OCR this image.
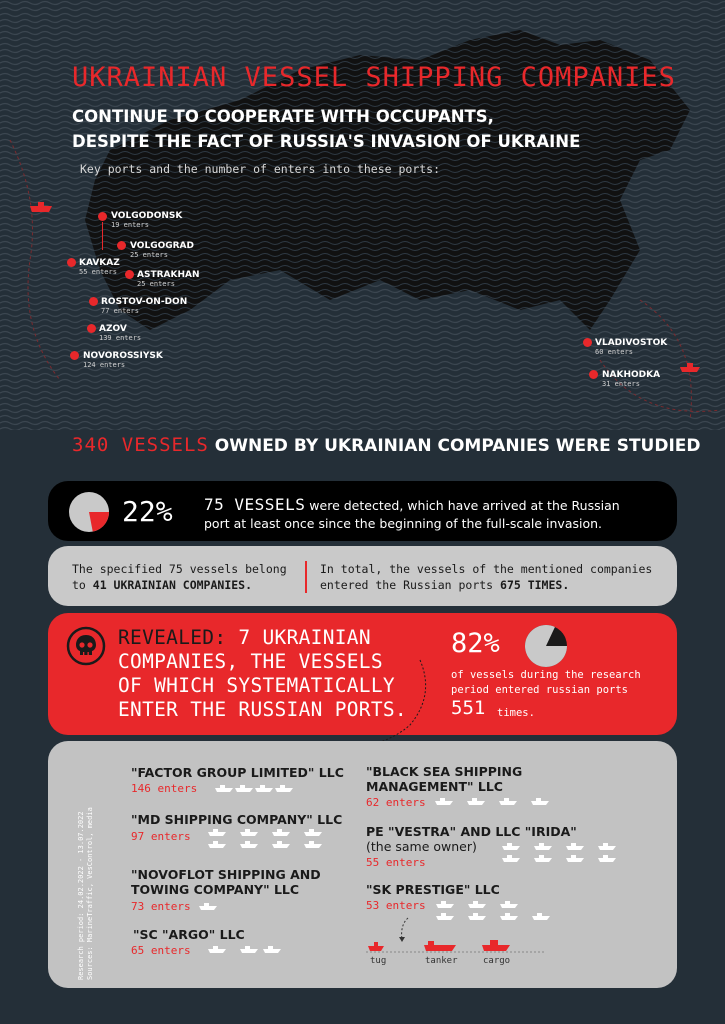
UKRAINIAN VESSEL SHIPPING COMPANIES
CONTINUE TO COOPERATE WITH OCCUPANTS,
DESPITE THE FACT OF RUSSIA'S INVASION OF UKRAINE
Key ports and the number of enters into these ports:
VOLGODONSK
19 enters
VOLGOGRAD
25 enters
KAVKAZ
55 enters	ASTRAKHAN
25 enters
ROSTOV-ON-DON
77 enters
AZOV
139 enters
NOVOROSSIYSK
124 enters
VLADIVOSTOK
60 enters
NAKHODKA
31 enters
340 VESSELS OWNED BY UKRAINIAN COMPANIES WERE STUDIED
22% 75 VESSELS were detected, which have arrived at the Russian
port at least once since the beginning of the full-scale invasion.
The specified 75 vessels belong
to 41 UKRAINIAN COMPANIES.
In total, the vessels of the mentioned companies
entered the Russian ports 675 TIMES.
REVEALED: 7 UKRAINIAN
COMPANIES, THE VESSELS
OF WHICH SYSTEMATICALLY
ENTER THE RUSSIAN PORTS.
82%
of vessels during the research
period entered russian ports
551 times.
Research period: 24.02.2022 - 13.07.2022 Sources: MarineTraffic, VesControl, media
"FACTOR GROUP LIMITED" LLC
146 enters
"MD SHIPPING COMPANY" LLC
97 enters
"NOVOFLOT SHIPPING AND
TOWING COMPANY" LLC
73 enters
"SC "ARGO" LLC
65 enters
"BLACK SEA SHIPPING
MANAGEMENT" LLC
62 enters
PE "VESTRA" AND LLC "IRIDA"
(the same owner)
55 enters
"SK PRESTIGE" LLC
53 enters
tug	tanker	cargo
